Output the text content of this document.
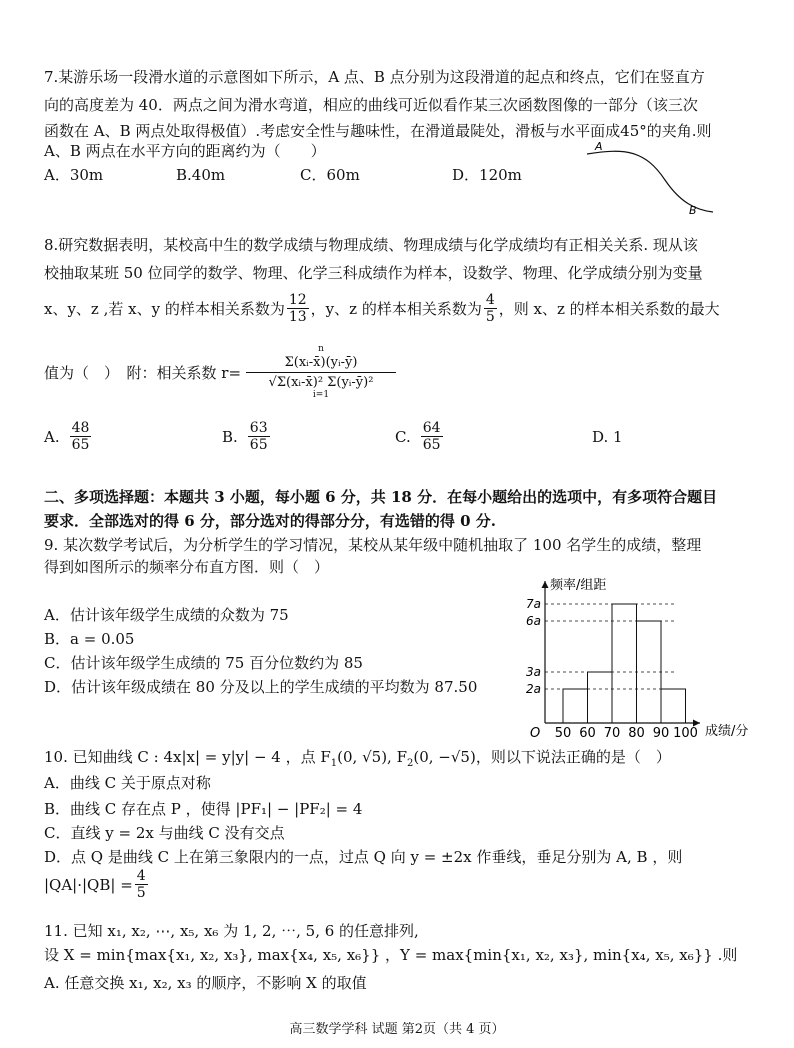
7.某游乐场一段滑水道的示意图如下所示，A 点、B 点分别为这段滑道的起点和终点，它们在竖直方
向的高度差为 40．两点之间为滑水弯道，相应的曲线可近似看作某三次函数图像的一部分（该三次
函数在 A、B 两点处取得极值）.考虑安全性与趣味性，在滑道最陡处，滑板与水平面成45°的夹角.则
A、B 两点在水平方向的距离约为（　　）
A．30m	B.40m	C．60m	D．120m
A
B
8.研究数据表明，某校高中生的数学成绩与物理成绩、物理成绩与化学成绩均有正相关关系. 现从该
校抽取某班 50 位同学的数学、物理、化学三科成绩作为样本，设数学、物理、化学成绩分别为变量
x、y、z ,若 x、y 的样本相关系数为 $\frac{12}{13}$ ，y、z 的样本相关系数为 $\frac{4}{5}$ ，则 x、z 的样本相关系数的最大
值为（　）　附：相关系数 r=
n
Σ(xᵢ-x̄)(yᵢ-ȳ)
√Σ(xᵢ-x̄)² Σ(yᵢ-ȳ)²
i=1
A. $\frac{48}{65}$	B. $\frac{63}{65}$	C. $\frac{64}{65}$	D. 1
二、多项选择题：本题共 3 小题，每小题 6 分，共 18 分．在每小题给出的选项中，有多项符合题目
要求．全部选对的得 6 分，部分选对的得部分分，有选错的得 0 分.
9. 某次数学考试后，为分析学生的学习情况，某校从某年级中随机抽取了 100 名学生的成绩，整理
得到如图所示的频率分布直方图．则（　）
A．估计该年级学生成绩的众数为 75
B．a = 0.05
C．估计该年级学生成绩的 75 百分位数约为 85
D．估计该年级成绩在 80 分及以上的学生成绩的平均数为 87.50
频率/组距
成绩/分
O 50 60 70 80 90 100
2a
3a
6a
7a
10. 已知曲线 C : 4x|x| = y|y| − 4 ，点 $F_1(0$, √5), $F_2(0$, −√5)，则以下说法正确的是（　）
A．曲线 C 关于原点对称
B．曲线 C 存在点 P ，使得 |PF₁| − |PF₂| = 4
C．直线 y = 2x 与曲线 C 没有交点
D．点 Q 是曲线 C 上在第三象限内的一点，过点 Q 向 y = ±2x 作垂线，垂足分别为 A, B ，则
$|QA|\cdot|QB| = \frac{4}{5}$
11. 已知 x₁, x₂, ⋯, x₅, x₆ 为 1, 2, ⋯, 5, 6 的任意排列,
设 X = min{max{x₁, x₂, x₃}, max{x₄, x₅, x₆}} ，Y = max{min{x₁, x₂, x₃}, min{x₄, x₅, x₆}} .则
A. 任意交换 x₁, x₂, x₃ 的顺序，不影响 X 的取值
高三数学学科 试题 第2页（共 4 页）
